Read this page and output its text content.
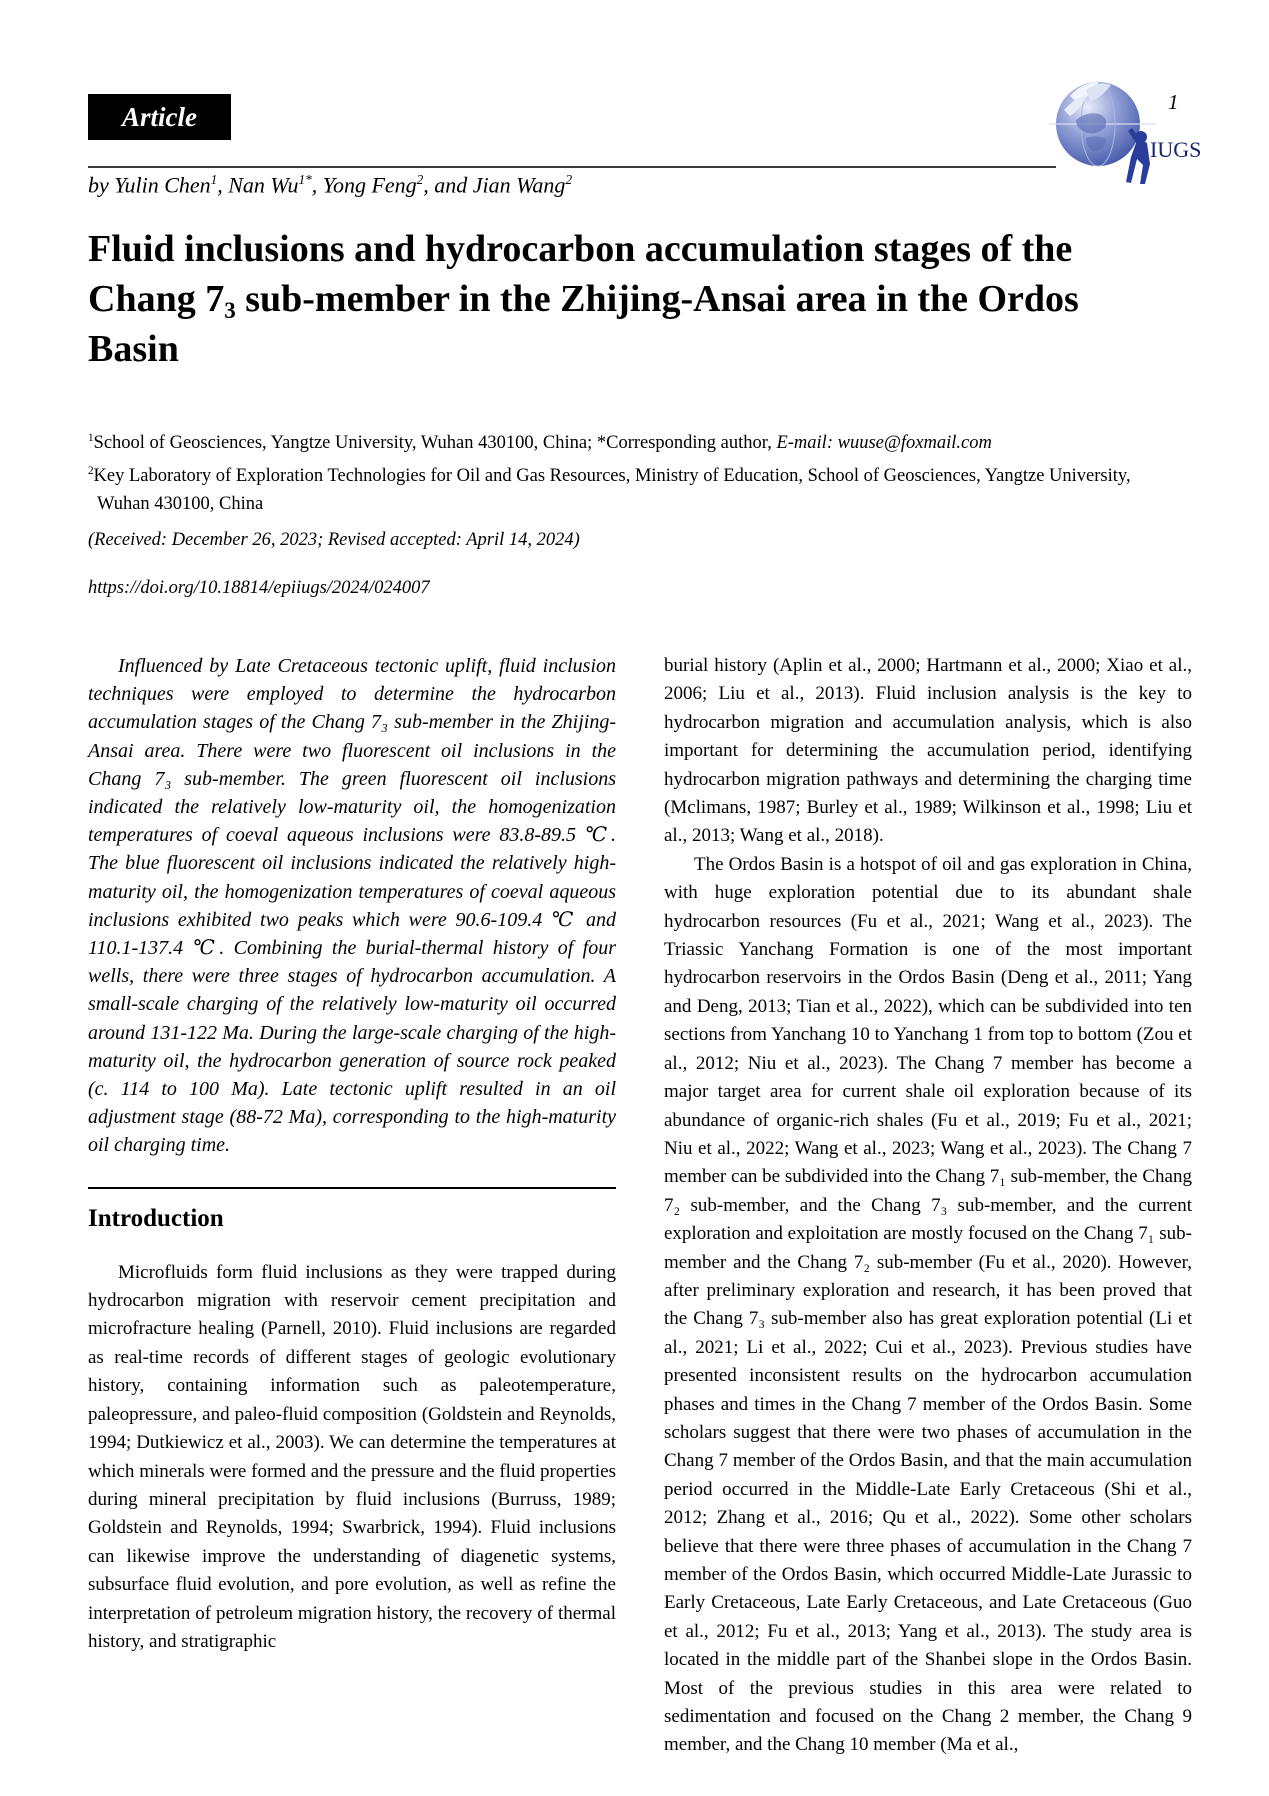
Article	1
IUGS
by Yulin Chen$^1$, Nan $Wu^{1*}$, Yong Feng$^2$, and Jian Wang$^2$
Fluid inclusions and hydrocarbon accumulation stages of the
Chang $7_3$ sub-member in the Zhijing-Ansai area in the Ordos
Basin
$^1$School of Geosciences, Yangtze University, Wuhan 430100, China; *Corresponding author, E-mail: wuuse@foxmail.com
$^2$Key Laboratory of Exploration Technologies for Oil and Gas Resources, Ministry of Education, School of Geosciences, Yangtze University, Wuhan 430100, China
(Received: December 26, 2023; Revised accepted: April 14, 2024)
https://doi.org/10.18814/epiiugs/2024/024007

Influenced by Late Cretaceous tectonic uplift, fluid inclusion techniques were employed to determine the hydrocarbon accumulation stages of the Chang 7₃ sub-member in the Zhijing-Ansai area. There were two fluorescent oil inclusions in the Chang 7₃ sub-member. The green fluorescent oil inclusions indicated the relatively low-maturity oil, the homogenization temperatures of coeval aqueous inclusions were 83.8-89.5 ℃. The blue fluorescent oil inclusions indicated the relatively high-maturity oil, the homogenization temperatures of coeval aqueous inclusions exhibited two peaks which were 90.6-109.4 ℃ and 110.1-137.4 ℃. Combining the burial-thermal history of four wells, there were three stages of hydrocarbon accumulation. A small-scale charging of the relatively low-maturity oil occurred around 131-122 Ma. During the large-scale charging of the high-maturity oil, the hydrocarbon generation of source rock peaked (c. 114 to 100 Ma). Late tectonic uplift resulted in an oil adjustment stage (88-72 Ma), corresponding to the high-maturity oil charging time.

Introduction

Microfluids form fluid inclusions as they were trapped during hydrocarbon migration with reservoir cement precipitation and microfracture healing (Parnell, 2010). Fluid inclusions are regarded as real-time records of different stages of geologic evolutionary history, containing information such as paleotemperature, paleopressure, and paleo-fluid composition (Goldstein and Reynolds, 1994; Dutkiewicz et al., 2003). We can determine the temperatures at which minerals were formed and the pressure and the fluid properties during mineral precipitation by fluid inclusions (Burruss, 1989; Goldstein and Reynolds, 1994; Swarbrick, 1994). Fluid inclusions can likewise improve the understanding of diagenetic systems, subsurface fluid evolution, and pore evolution, as well as refine the interpretation of petroleum migration history, the recovery of thermal history, and stratigraphic

burial history (Aplin et al., 2000; Hartmann et al., 2000; Xiao et al., 2006; Liu et al., 2013). Fluid inclusion analysis is the key to hydrocarbon migration and accumulation analysis, which is also important for determining the accumulation period, identifying hydrocarbon migration pathways and determining the charging time (Mclimans, 1987; Burley et al., 1989; Wilkinson et al., 1998; Liu et al., 2013; Wang et al., 2018).

The Ordos Basin is a hotspot of oil and gas exploration in China, with huge exploration potential due to its abundant shale hydrocarbon resources (Fu et al., 2021; Wang et al., 2023). The Triassic Yanchang Formation is one of the most important hydrocarbon reservoirs in the Ordos Basin (Deng et al., 2011; Yang and Deng, 2013; Tian et al., 2022), which can be subdivided into ten sections from Yanchang 10 to Yanchang 1 from top to bottom (Zou et al., 2012; Niu et al., 2023). The Chang 7 member has become a major target area for current shale oil exploration because of its abundance of organic-rich shales (Fu et al., 2019; Fu et al., 2021; Niu et al., 2022; Wang et al., 2023; Wang et al., 2023). The Chang 7 member can be subdivided into the Chang 7₁ sub-member, the Chang 7₂ sub-member, and the Chang 7₃ sub-member, and the current exploration and exploitation are mostly focused on the Chang 7₁ sub-member and the Chang 7₂ sub-member (Fu et al., 2020). However, after preliminary exploration and research, it has been proved that the Chang 7₃ sub-member also has great exploration potential (Li et al., 2021; Li et al., 2022; Cui et al., 2023). Previous studies have presented inconsistent results on the hydrocarbon accumulation phases and times in the Chang 7 member of the Ordos Basin. Some scholars suggest that there were two phases of accumulation in the Chang 7 member of the Ordos Basin, and that the main accumulation period occurred in the Middle-Late Early Cretaceous (Shi et al., 2012; Zhang et al., 2016; Qu et al., 2022). Some other scholars believe that there were three phases of accumulation in the Chang 7 member of the Ordos Basin, which occurred Middle-Late Jurassic to Early Cretaceous, Late Early Cretaceous, and Late Cretaceous (Guo et al., 2012; Fu et al., 2013; Yang et al., 2013). The study area is located in the middle part of the Shanbei slope in the Ordos Basin. Most of the previous studies in this area were related to sedimentation and focused on the Chang 2 member, the Chang 9 member, and the Chang 10 member (Ma et al.,
